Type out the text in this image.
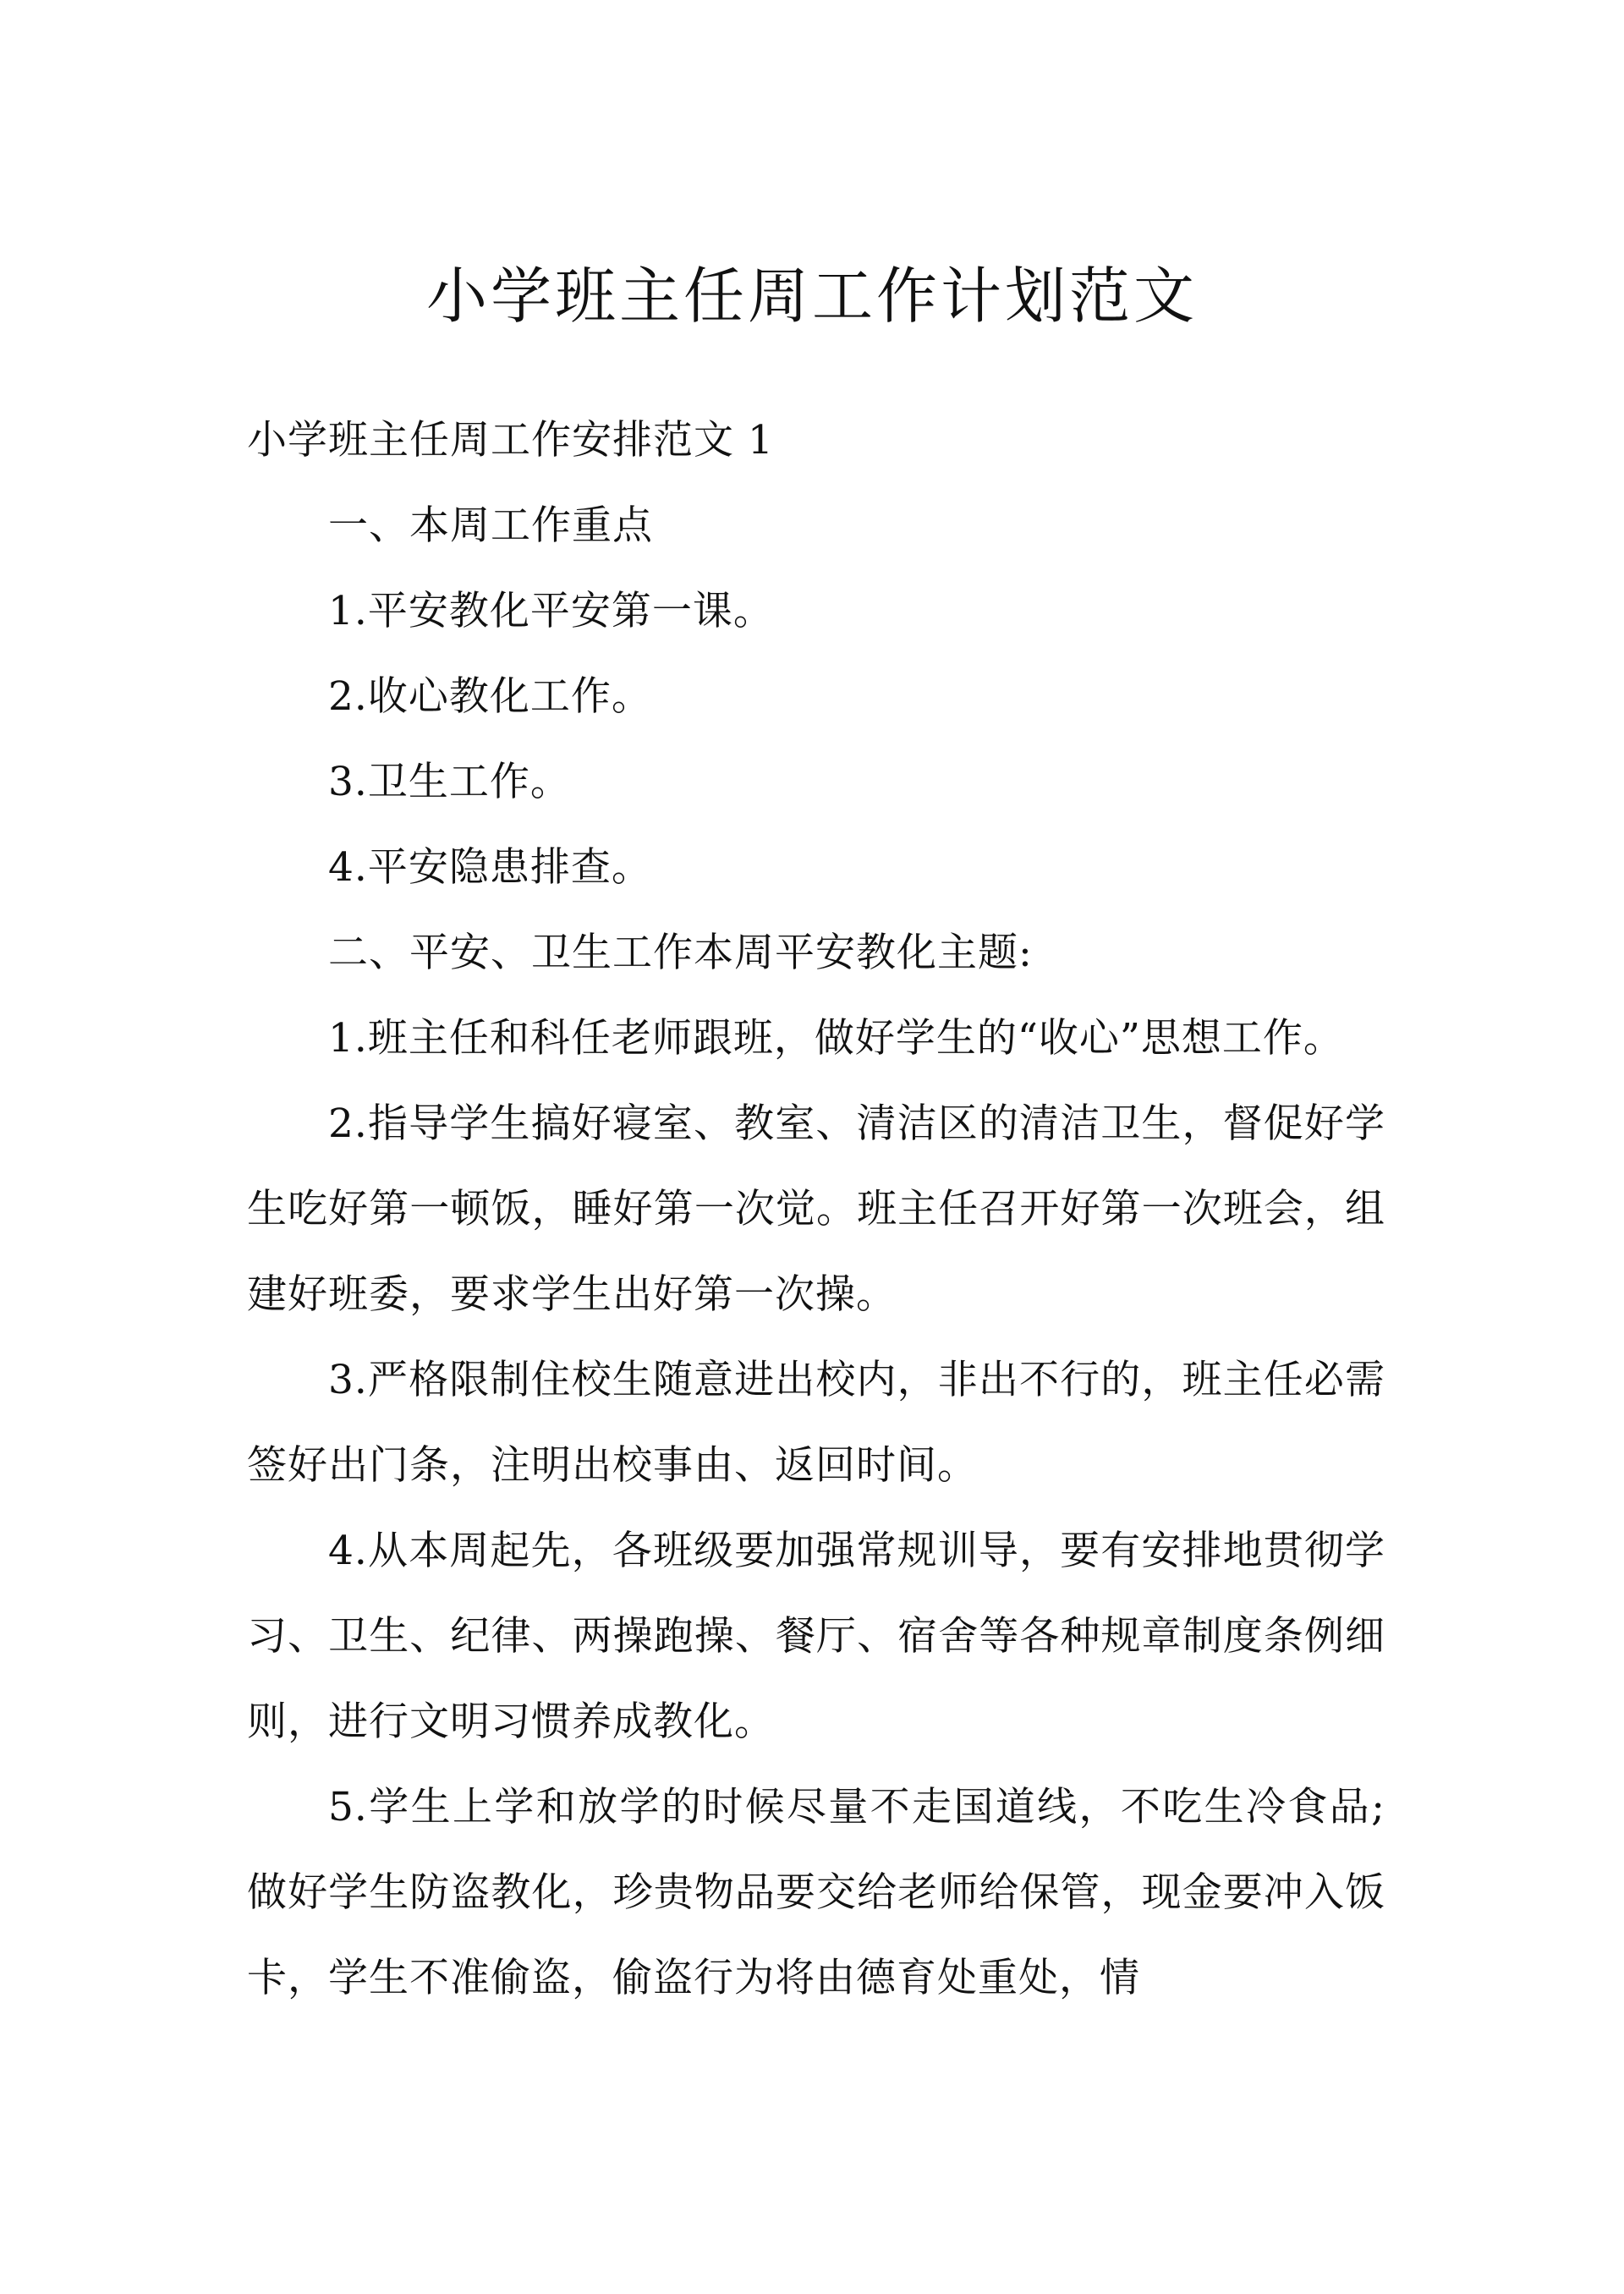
小学班主任周工作计划范文

小学班主任周工作安排范文 1

一、本周工作重点

1.平安教化平安第一课。

2.收心教化工作。

3.卫生工作。

4.平安隐患排查。

二、平安、卫生工作本周平安教化主题:

1.班主任和科任老师跟班，做好学生的“收心”思想工作。

2.指导学生搞好寝室、教室、清洁区的清洁卫生，督促好学生吃好第一顿饭，睡好第一次觉。班主任召开好第一次班会，组建好班委，要求学生出好第一次操。

3.严格限制住校生随意进出校内，非出不行的，班主任必需签好出门条，注明出校事由、返回时间。

4.从本周起先，各班级要加强常规训导，要有安排地贯彻学习、卫生、纪律、两操跑操、餐厅、宿舍等各种规章制度条例细则，进行文明习惯养成教化。

5.学生上学和放学的时候尽量不走国道线，不吃生冷食品;做好学生防盗教化，珍贵物品要交给老师给保管，现金要冲入饭卡，学生不准偷盗，偷盗行为将由德育处重处，情
